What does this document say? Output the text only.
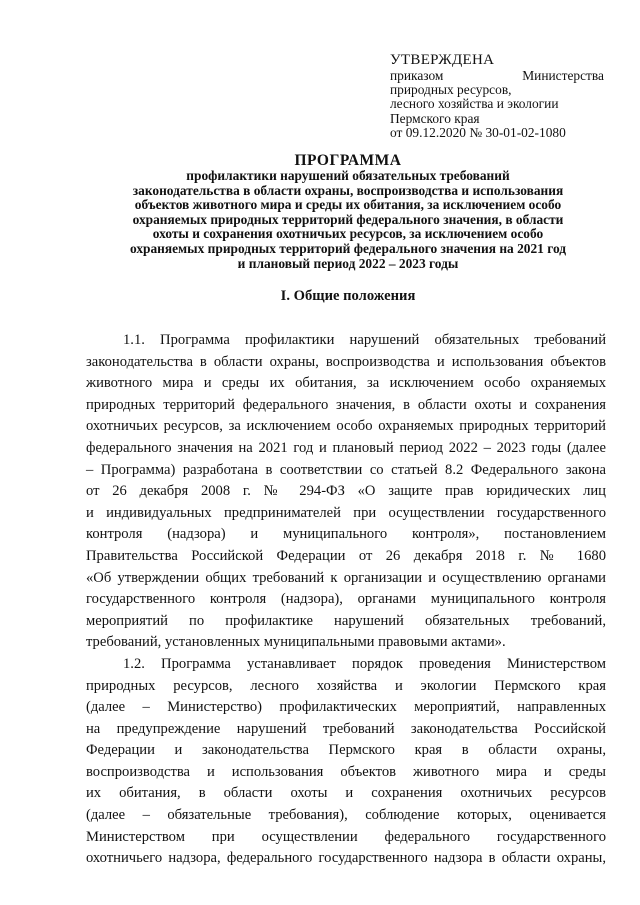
УТВЕРЖДЕНА
приказом Министерства
природных ресурсов,
лесного хозяйства и экологии
Пермского края
от 09.12.2020 № 30-01-02-1080
ПРОГРАММА
профилактики нарушений обязательных требований
законодательства в области охраны, воспроизводства и использования
объектов животного мира и среды их обитания, за исключением особо
охраняемых природных территорий федерального значения, в области
охоты и сохранения охотничьих ресурсов, за исключением особо
охраняемых природных территорий федерального значения на 2021 год
и плановый период 2022 – 2023 годы
I. Общие положения
1.1. Программа профилактики нарушений обязательных требований
законодательства в области охраны, воспроизводства и использования объектов
животного мира и среды их обитания, за исключением особо охраняемых
природных территорий федерального значения, в области охоты и сохранения
охотничьих ресурсов, за исключением особо охраняемых природных территорий
федерального значения на 2021 год и плановый период 2022 – 2023 годы (далее
– Программа) разработана в соответствии со статьей 8.2 Федерального закона
от 26 декабря 2008 г. № 294-ФЗ «О защите прав юридических лиц
и индивидуальных предпринимателей при осуществлении государственного
контроля (надзора) и муниципального контроля», постановлением
Правительства Российской Федерации от 26 декабря 2018 г. № 1680
«Об утверждении общих требований к организации и осуществлению органами
государственного контроля (надзора), органами муниципального контроля
мероприятий по профилактике нарушений обязательных требований,
требований, установленных муниципальными правовыми актами».
1.2. Программа устанавливает порядок проведения Министерством
природных ресурсов, лесного хозяйства и экологии Пермского края
(далее – Министерство) профилактических мероприятий, направленных
на предупреждение нарушений требований законодательства Российской
Федерации и законодательства Пермского края в области охраны,
воспроизводства и использования объектов животного мира и среды
их обитания, в области охоты и сохранения охотничьих ресурсов
(далее – обязательные требования), соблюдение которых, оценивается
Министерством при осуществлении федерального государственного
охотничьего надзора, федерального государственного надзора в области охраны,
